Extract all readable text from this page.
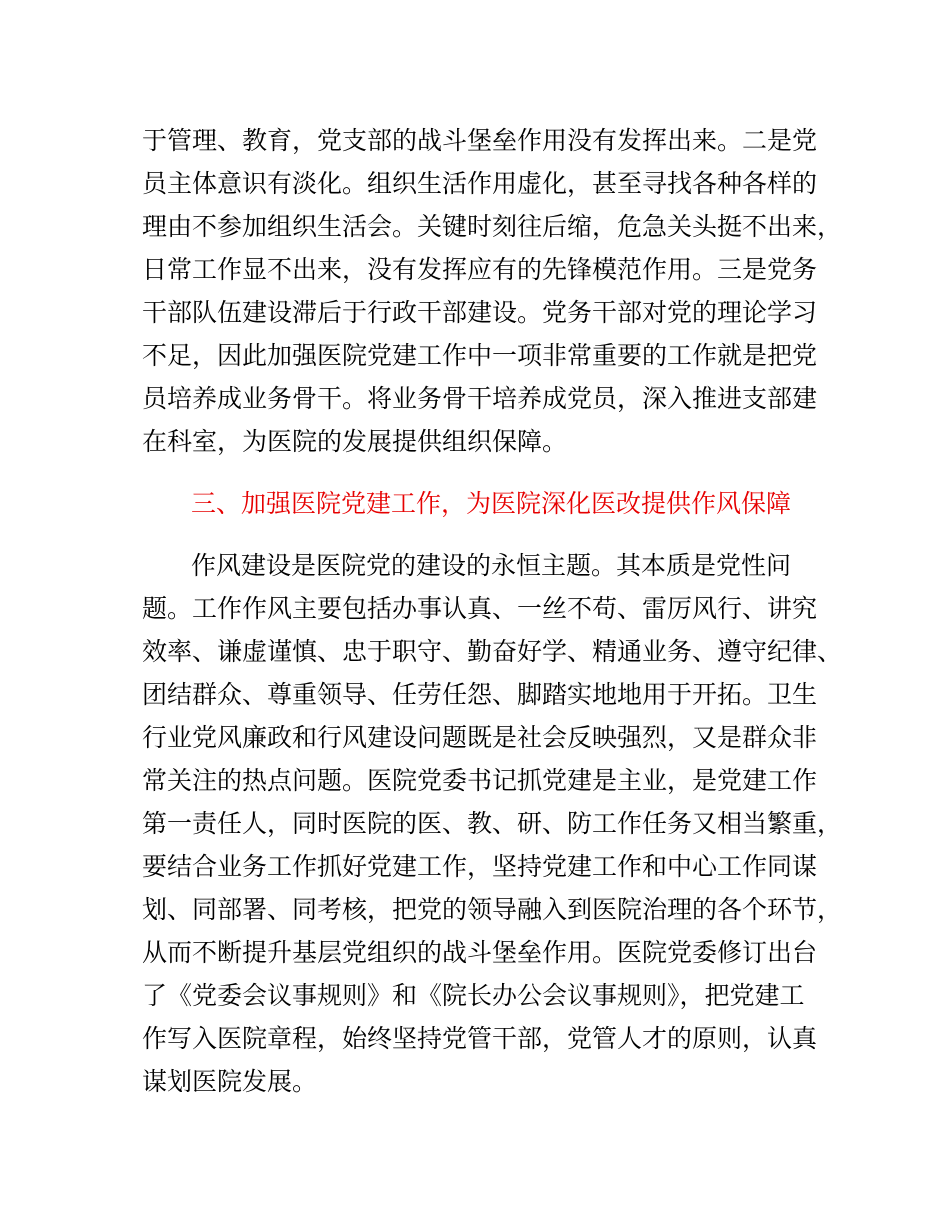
于管理、教育，党支部的战斗堡垒作用没有发挥出来。二是党
员主体意识有淡化。组织生活作用虚化，甚至寻找各种各样的
理由不参加组织生活会。关键时刻往后缩，危急关头挺不出来，
日常工作显不出来，没有发挥应有的先锋模范作用。三是党务
干部队伍建设滞后于行政干部建设。党务干部对党的理论学习
不足，因此加强医院党建工作中一项非常重要的工作就是把党
员培养成业务骨干。将业务骨干培养成党员，深入推进支部建
在科室，为医院的发展提供组织保障。
三、加强医院党建工作，为医院深化医改提供作风保障
作风建设是医院党的建设的永恒主题。其本质是党性问
题。工作作风主要包括办事认真、一丝不苟、雷厉风行、讲究
效率、谦虚谨慎、忠于职守、勤奋好学、精通业务、遵守纪律、
团结群众、尊重领导、任劳任怨、脚踏实地地用于开拓。卫生
行业党风廉政和行风建设问题既是社会反映强烈，又是群众非
常关注的热点问题。医院党委书记抓党建是主业，是党建工作
第一责任人，同时医院的医、教、研、防工作任务又相当繁重，
要结合业务工作抓好党建工作，坚持党建工作和中心工作同谋
划、同部署、同考核，把党的领导融入到医院治理的各个环节，
从而不断提升基层党组织的战斗堡垒作用。医院党委修订出台
了《党委会议事规则》和《院长办公会议事规则》，把党建工
作写入医院章程，始终坚持党管干部，党管人才的原则，认真
谋划医院发展。
